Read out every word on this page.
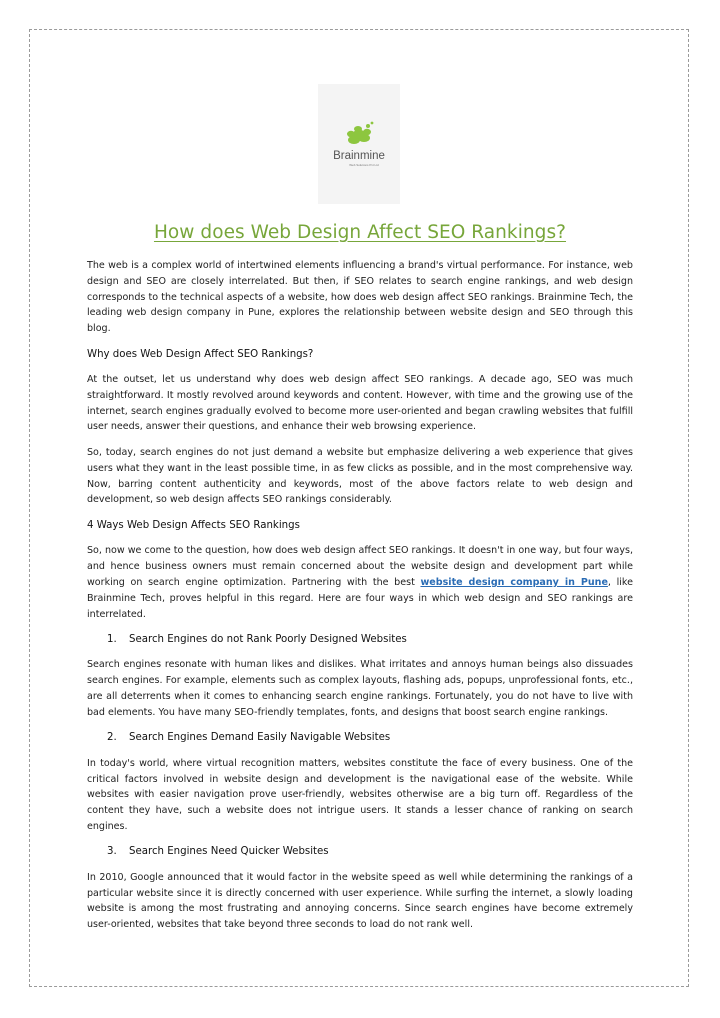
Brainmine
Web Solutions Pvt Ltd
How does Web Design Affect SEO Rankings?

The web is a complex world of intertwined elements influencing a brand's virtual performance. For instance, web design and SEO are closely interrelated. But then, if SEO relates to search engine rankings, and web design corresponds to the technical aspects of a website, how does web design affect SEO rankings. Brainmine Tech, the leading web design company in Pune, explores the relationship between website design and SEO through this blog.

Why does Web Design Affect SEO Rankings?

At the outset, let us understand why does web design affect SEO rankings. A decade ago, SEO was much straightforward. It mostly revolved around keywords and content. However, with time and the growing use of the internet, search engines gradually evolved to become more user-oriented and began crawling websites that fulfill user needs, answer their questions, and enhance their web browsing experience.

So, today, search engines do not just demand a website but emphasize delivering a web experience that gives users what they want in the least possible time, in as few clicks as possible, and in the most comprehensive way. Now, barring content authenticity and keywords, most of the above factors relate to web design and development, so web design affects SEO rankings considerably.

4 Ways Web Design Affects SEO Rankings

So, now we come to the question, how does web design affect SEO rankings. It doesn't in one way, but four ways, and hence business owners must remain concerned about the website design and development part while working on search engine optimization. Partnering with the best website design company in Pune, like Brainmine Tech, proves helpful in this regard. Here are four ways in which web design and SEO rankings are interrelated.

1. Search Engines do not Rank Poorly Designed Websites

Search engines resonate with human likes and dislikes. What irritates and annoys human beings also dissuades search engines. For example, elements such as complex layouts, flashing ads, popups, unprofessional fonts, etc., are all deterrents when it comes to enhancing search engine rankings. Fortunately, you do not have to live with bad elements. You have many SEO-friendly templates, fonts, and designs that boost search engine rankings.

2. Search Engines Demand Easily Navigable Websites

In today's world, where virtual recognition matters, websites constitute the face of every business. One of the critical factors involved in website design and development is the navigational ease of the website. While websites with easier navigation prove user-friendly, websites otherwise are a big turn off. Regardless of the content they have, such a website does not intrigue users. It stands a lesser chance of ranking on search engines.

3. Search Engines Need Quicker Websites

In 2010, Google announced that it would factor in the website speed as well while determining the rankings of a particular website since it is directly concerned with user experience. While surfing the internet, a slowly loading website is among the most frustrating and annoying concerns. Since search engines have become extremely user-oriented, websites that take beyond three seconds to load do not rank well.
